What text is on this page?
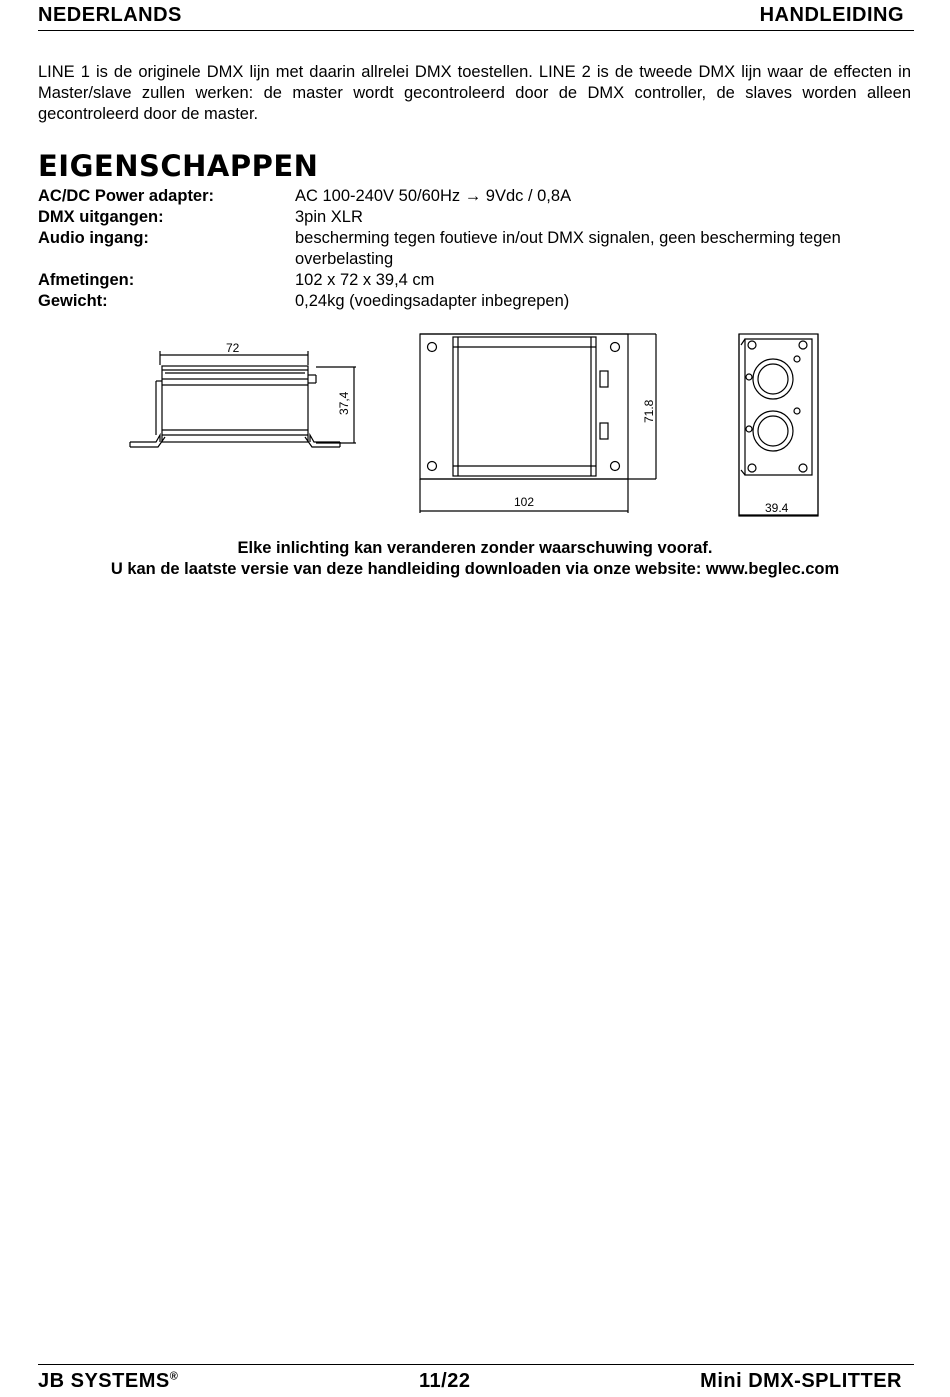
NEDERLANDS	HANDLEIDING

LINE 1 is de originele DMX lijn met daarin allrelei DMX toestellen. LINE 2 is de tweede DMX lijn waar de effecten in Master/slave zullen werken: de master wordt gecontroleerd door de DMX controller, de slaves worden alleen gecontroleerd door de master.

EIGENSCHAPPEN
AC/DC Power adapter:	AC 100-240V 50/60Hz → 9Vdc / 0,8A
DMX uitgangen:	3pin XLR
Audio ingang:	bescherming tegen foutieve in/out DMX signalen, geen bescherming tegen overbelasting
Afmetingen:	102 x 72 x 39,4 cm
Gewicht:	0,24kg (voedingsadapter inbegrepen)
72
37,4
102
71.8
39.4
Elke inlichting kan veranderen zonder waarschuwing vooraf.
U kan de laatste versie van deze handleiding downloaden via onze website: www.beglec.com
JB SYSTEMS®	11/22	Mini DMX-SPLITTER
